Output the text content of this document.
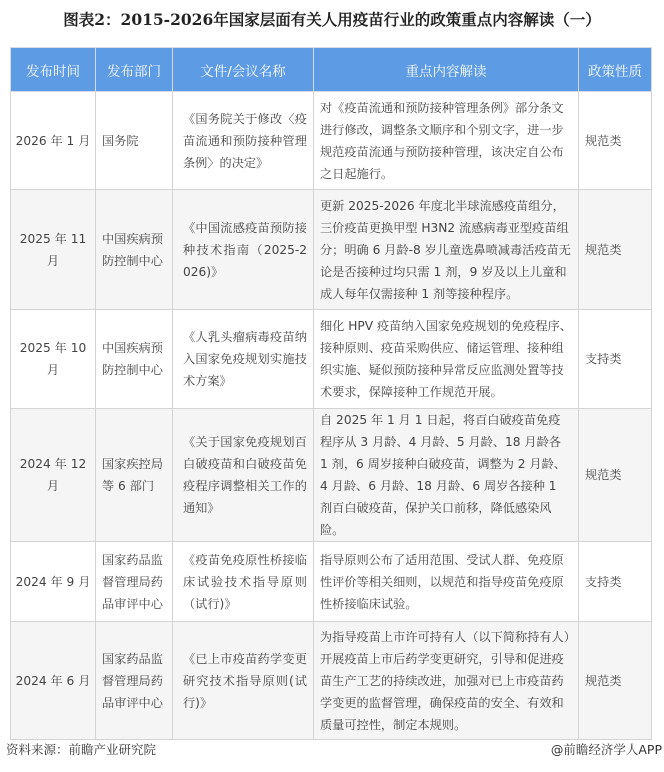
图表2：2015-2026年国家层面有关人用疫苗行业的政策重点内容解读（一）
发布时间	发布部门	文件/会议名称	重点内容解读	政策性质
2026 年 1 月	国务院	《国务院关于修改〈疫苗流通和预防接种管理条例〉的决定》	对《疫苗流通和预防接种管理条例》部分条文进行修改，调整条文顺序和个别文字，进一步规范疫苗流通与预防接种管理，该决定自公布之日起施行。	规范类
2025 年 11 月	中国疾病预防控制中心	《中国流感疫苗预防接种技术指南（2025-2026)》	更新 2025-2026 年度北半球流感疫苗组分，三价疫苗更换甲型 H3N2 流感病毒亚型疫苗组分；明确 6 月龄-8 岁儿童选鼻喷减毒活疫苗无论是否接种过均只需 1 剂，9 岁及以上儿童和成人每年仅需接种 1 剂等接种程序。	规范类
2025 年 10 月	中国疾病预防控制中心	《人乳头瘤病毒疫苗纳入国家免疫规划实施技术方案》	细化 HPV 疫苗纳入国家免疫规划的免疫程序、接种原则、疫苗采购供应、储运管理、接种组织实施、疑似预防接种异常反应监测处置等技术要求，保障接种工作规范开展。	支持类
2024 年 12 月	国家疾控局等 6 部门	《关于国家免疫规划百白破疫苗和白破疫苗免疫程序调整相关工作的通知》	自 2025 年 1 月 1 日起，将百白破疫苗免疫程序从 3 月龄、4 月龄、5 月龄、18 月龄各 1 剂，6 周岁接种白破疫苗，调整为 2 月龄、4 月龄、6 月龄、18 月龄、6 周岁各接种 1 剂百白破疫苗，保护关口前移，降低感染风险。	规范类
2024 年 9 月	国家药品监督管理局药品审评中心	《疫苗免疫原性桥接临床试验技术指导原则（试行)》	指导原则公布了适用范围、受试人群、免疫原性评价等相关细则，以规范和指导疫苗免疫原性桥接临床试验。	支持类
2024 年 6 月	国家药品监督管理局药品审评中心	《已上市疫苗药学变更研究技术指导原则(试行)》	为指导疫苗上市许可持有人（以下简称持有人）开展疫苗上市后药学变更研究，引导和促进疫苗生产工艺的持续改进，加强对已上市疫苗药学变更的监督管理，确保疫苗的安全、有效和质量可控性，制定本规则。	规范类
资料来源：前瞻产业研究院	@前瞻经济学人APP
